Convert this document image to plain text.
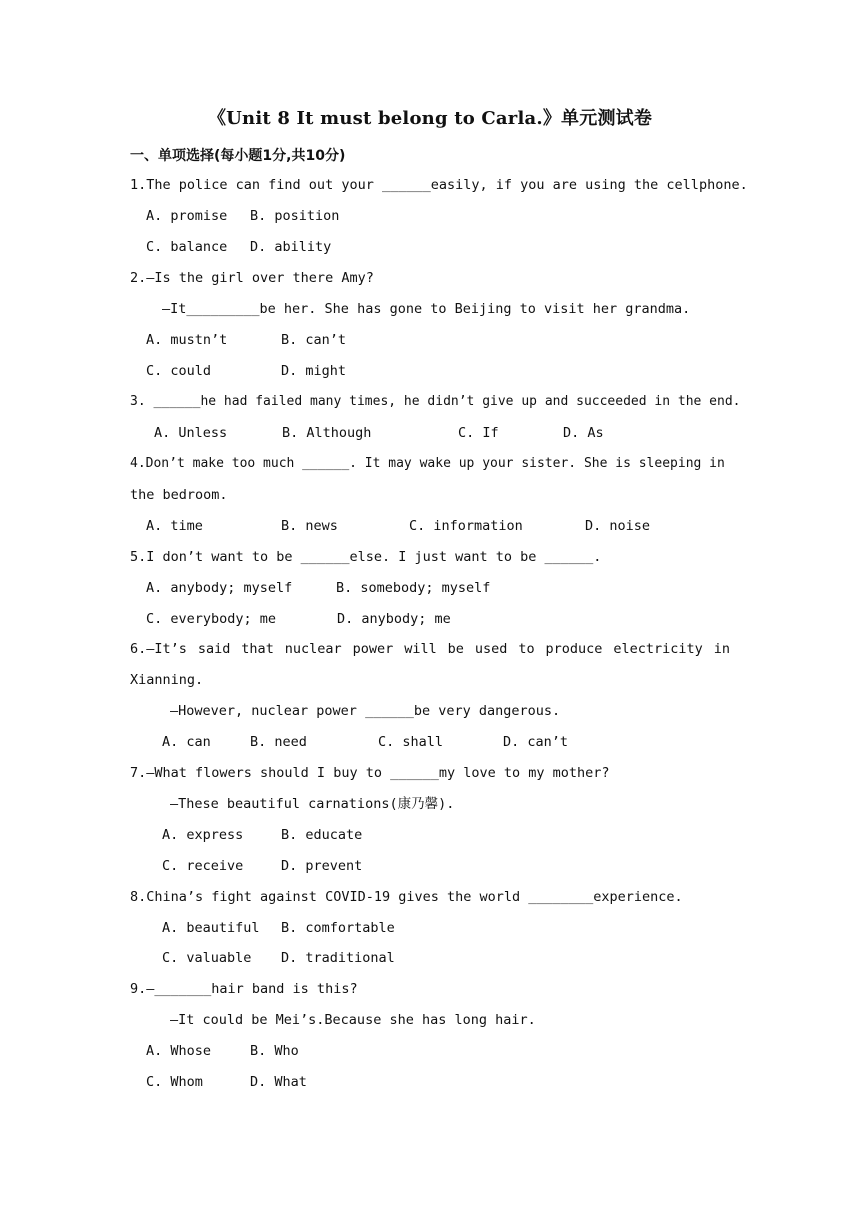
《Unit 8 It must belong to Carla.》单元测试卷
一、单项选择(每小题1分,共10分)
1.The police can find out your ______easily, if you are using the cellphone.
A. promise B. position
C. balance D. ability
2.—Is the girl over there Amy?
—It_________be her. She has gone to Beijing to visit her grandma.
A. mustn’t	B. can’t
C. could	D. might
3. ______he had failed many times, he didn’t give up and succeeded in the end.
A. Unless	B. Although	C. If	D. As
4.Don’t make too much ______. It may wake up your sister. She is sleeping in
the bedroom.
A. time	B. news	C. information	D. noise
5.I don’t want to be ______else. I just want to be ______.
A. anybody; myself	B. somebody; myself
C. everybody; me	D. anybody; me
6.—It’s said that nuclear power will be used to produce electricity in
Xianning.
—However, nuclear power ______be very dangerous.
A. can	B. need	C. shall	D. can’t
7.—What flowers should I buy to ______my love to my mother?
—These beautiful carnations(康乃馨).
A. express	B. educate
C. receive	D. prevent
8.China’s fight against COVID-19 gives the world ________experience.
A. beautiful B. comfortable
C. valuable D. traditional
9.—_______hair band is this?
—It could be Mei’s.Because she has long hair.
A. Whose	B. Who
C. Whom	D. What
